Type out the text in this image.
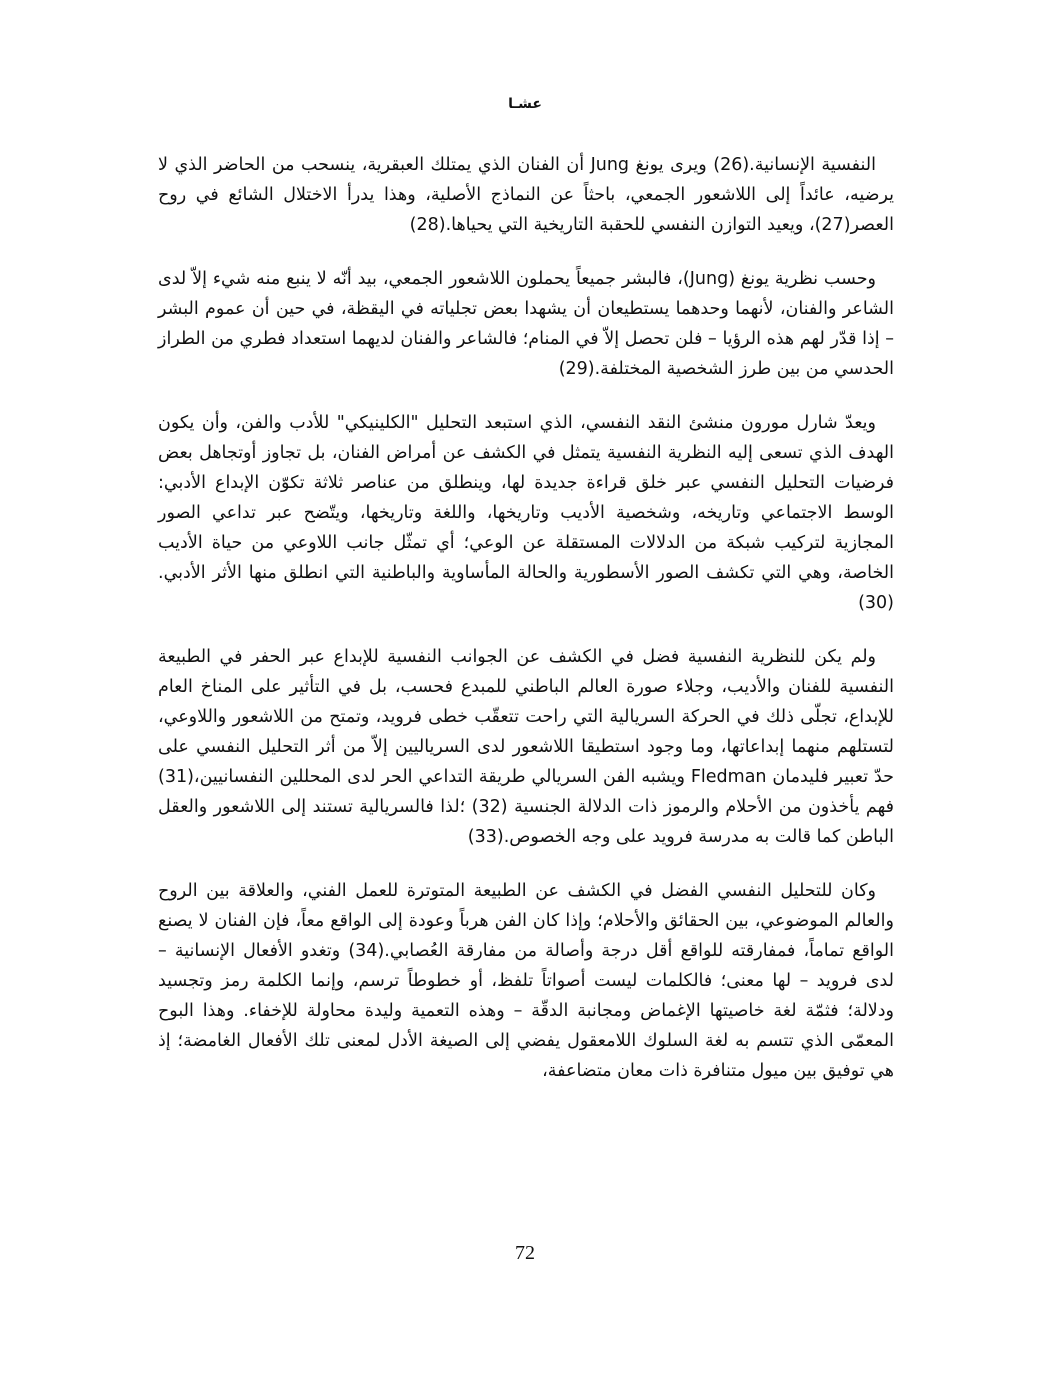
عشـا

النفسية الإنسانية.(26) ويرى يونغ Jung أن الفنان الذي يمتلك العبقرية، ينسحب من الحاضر الذي لا يرضيه، عائداً إلى اللاشعور الجمعي، باحثاً عن النماذج الأصلية، وهذا يدرأ الاختلال الشائع في روح العصر(27)، ويعيد التوازن النفسي للحقبة التاريخية التي يحياها.(28)

وحسب نظرية يونغ (Jung)، فالبشر جميعاً يحملون اللاشعور الجمعي، بيد أنّه لا ينبع منه شيء إلاّ لدى الشاعر والفنان، لأنهما وحدهما يستطيعان أن يشهدا بعض تجلياته في اليقظة، في حين أن عموم البشر – إذا قدّر لهم هذه الرؤيا – فلن تحصل إلاّ في المنام؛ فالشاعر والفنان لديهما استعداد فطري من الطراز الحدسي من بين طرز الشخصية المختلفة.(29)

ويعدّ شارل مورون منشئ النقد النفسي، الذي استبعد التحليل "الكلينيكي" للأدب والفن، وأن يكون الهدف الذي تسعى إليه النظرية النفسية يتمثل في الكشف عن أمراض الفنان، بل تجاوز أوتجاهل بعض فرضيات التحليل النفسي عبر خلق قراءة جديدة لها، وينطلق من عناصر ثلاثة تكوّن الإبداع الأدبي: الوسط الاجتماعي وتاريخه، وشخصية الأديب وتاريخها، واللغة وتاريخها، ويتّضح عبر تداعي الصور المجازية لتركيب شبكة من الدلالات المستقلة عن الوعي؛ أي تمثّل جانب اللاوعي من حياة الأديب الخاصة، وهي التي تكشف الصور الأسطورية والحالة المأساوية والباطنية التي انطلق منها الأثر الأدبي.(30)

ولم يكن للنظرية النفسية فضل في الكشف عن الجوانب النفسية للإبداع عبر الحفر في الطبيعة النفسية للفنان والأديب، وجلاء صورة العالم الباطني للمبدع فحسب، بل في التأثير على المناخ العام للإبداع، تجلّى ذلك في الحركة السريالية التي راحت تتعقّب خطى فرويد، وتمتح من اللاشعور واللاوعي، لتستلهم منهما إبداعاتها، وما وجود استطيقا اللاشعور لدى السرياليين إلاّ من أثر التحليل النفسي على حدّ تعبير فليدمان Fledman ويشبه الفن السريالي طريقة التداعي الحر لدى المحللين النفسانيين،(31) فهم يأخذون من الأحلام والرموز ذات الدلالة الجنسية (32) ؛لذا فالسريالية تستند إلى اللاشعور والعقل الباطن كما قالت به مدرسة فرويد على وجه الخصوص.(33)

وكان للتحليل النفسي الفضل في الكشف عن الطبيعة المتوترة للعمل الفني، والعلاقة بين الروح والعالم الموضوعي، بين الحقائق والأحلام؛ وإذا كان الفن هرباً وعودة إلى الواقع معاً، فإن الفنان لا يصنع الواقع تماماً، فمفارقته للواقع أقل درجة وأصالة من مفارقة العُصابي.(34) وتغدو الأفعال الإنسانية – لدى فرويد – لها معنى؛ فالكلمات ليست أصواتاً تلفظ، أو خطوطاً ترسم، وإنما الكلمة رمز وتجسيد ودلالة؛ فثمّة لغة خاصيتها الإغماض ومجانبة الدقّة – وهذه التعمية وليدة محاولة للإخفاء. وهذا البوح المعمّى الذي تتسم به لغة السلوك اللامعقول يفضي إلى الصيغة الأدل لمعنى تلك الأفعال الغامضة؛ إذ هي توفيق بين ميول متنافرة ذات معان متضاعفة،

72
